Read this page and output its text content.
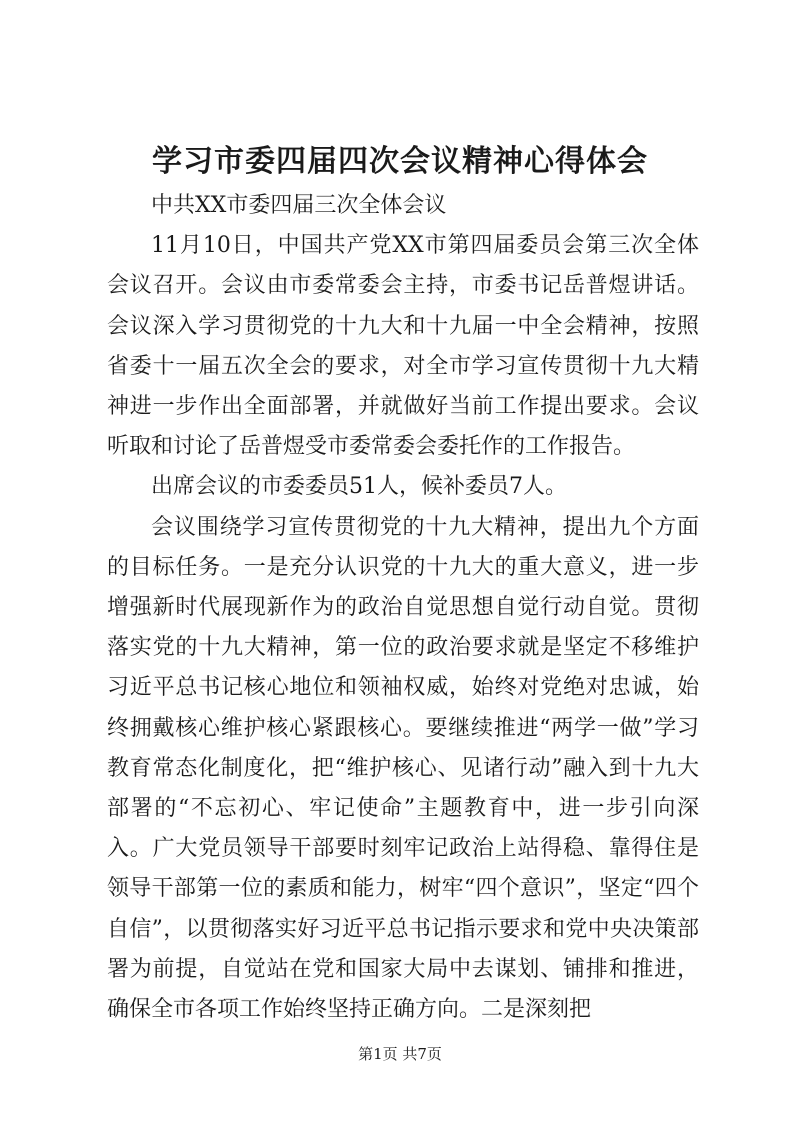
学习市委四届四次会议精神心得体会

中共XX市委四届三次全体会议

11月10日，中国共产党XX市第四届委员会第三次全体会议召开。会议由市委常委会主持，市委书记岳普煜讲话。会议深入学习贯彻党的十九大和十九届一中全会精神，按照省委十一届五次全会的要求，对全市学习宣传贯彻十九大精神进一步作出全面部署，并就做好当前工作提出要求。会议听取和讨论了岳普煜受市委常委会委托作的工作报告。

出席会议的市委委员51人，候补委员7人。

会议围绕学习宣传贯彻党的十九大精神，提出九个方面的目标任务。一是充分认识党的十九大的重大意义，进一步增强新时代展现新作为的政治自觉思想自觉行动自觉。贯彻落实党的十九大精神，第一位的政治要求就是坚定不移维护习近平总书记核心地位和领袖权威，始终对党绝对忠诚，始终拥戴核心维护核心紧跟核心。要继续推进“两学一做”学习教育常态化制度化，把“维护核心、见诸行动”融入到十九大部署的“不忘初心、牢记使命”主题教育中，进一步引向深入。广大党员领导干部要时刻牢记政治上站得稳、靠得住是领导干部第一位的素质和能力，树牢“四个意识”，坚定“四个自信”，以贯彻落实好习近平总书记指示要求和党中央决策部署为前提，自觉站在党和国家大局中去谋划、铺排和推进，确保全市各项工作始终坚持正确方向。二是深刻把

第1页 共7页
